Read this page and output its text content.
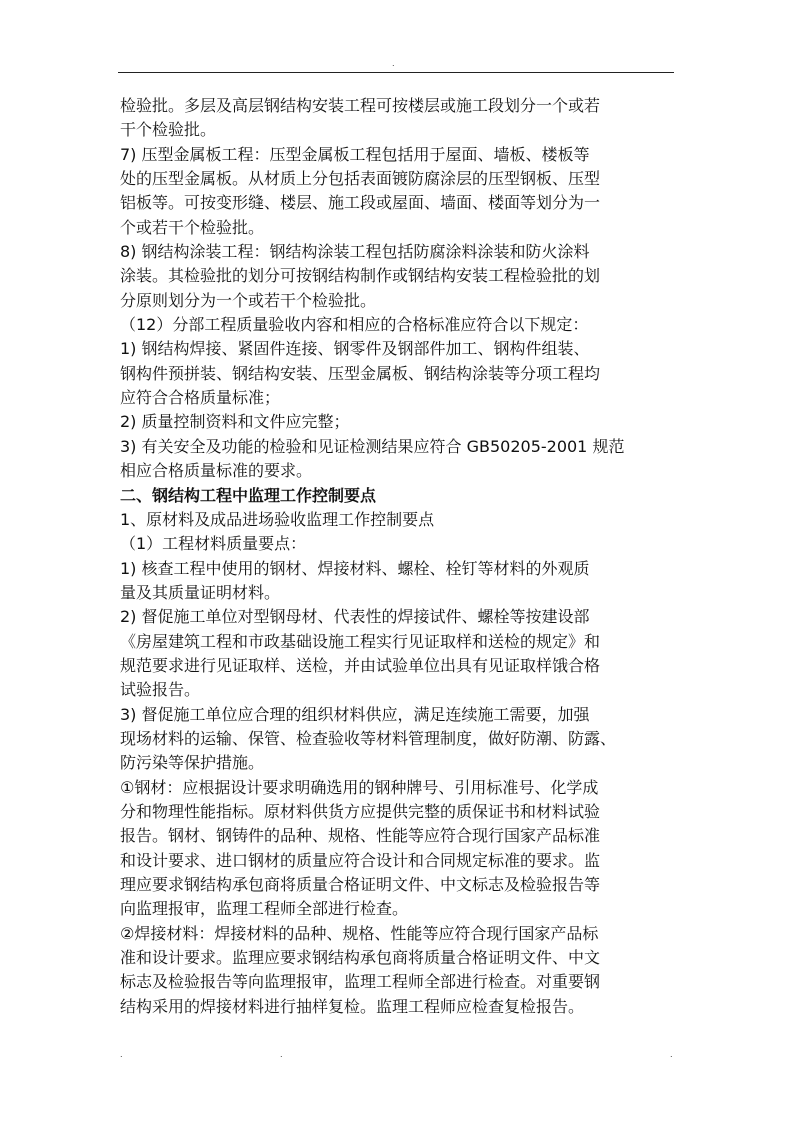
.
检验批。多层及高层钢结构安装工程可按楼层或施工段划分一个或若
干个检验批。
7) 压型金属板工程：压型金属板工程包括用于屋面、墙板、楼板等
处的压型金属板。从材质上分包括表面镀防腐涂层的压型钢板、压型
铝板等。可按变形缝、楼层、施工段或屋面、墙面、楼面等划分为一
个或若干个检验批。
8) 钢结构涂装工程：钢结构涂装工程包括防腐涂料涂装和防火涂料
涂装。其检验批的划分可按钢结构制作或钢结构安装工程检验批的划
分原则划分为一个或若干个检验批。
（12）分部工程质量验收内容和相应的合格标准应符合以下规定：
1) 钢结构焊接、紧固件连接、钢零件及钢部件加工、钢构件组装、
钢构件预拼装、钢结构安装、压型金属板、钢结构涂装等分项工程均
应符合合格质量标准；
2) 质量控制资料和文件应完整；
3) 有关安全及功能的检验和见证检测结果应符合 GB50205-2001 规范
相应合格质量标准的要求。
二、钢结构工程中监理工作控制要点
1、原材料及成品进场验收监理工作控制要点
（1）工程材料质量要点：
1) 核查工程中使用的钢材、焊接材料、螺栓、栓钉等材料的外观质
量及其质量证明材料。
2) 督促施工单位对型钢母材、代表性的焊接试件、螺栓等按建设部
《房屋建筑工程和市政基础设施工程实行见证取样和送检的规定》和
规范要求进行见证取样、送检，并由试验单位出具有见证取样饿合格
试验报告。
3) 督促施工单位应合理的组织材料供应，满足连续施工需要，加强
现场材料的运输、保管、检查验收等材料管理制度，做好防潮、防露、
防污染等保护措施。
①钢材：应根据设计要求明确选用的钢种牌号、引用标准号、化学成
分和物理性能指标。原材料供货方应提供完整的质保证书和材料试验
报告。钢材、钢铸件的品种、规格、性能等应符合现行国家产品标准
和设计要求、进口钢材的质量应符合设计和合同规定标准的要求。监
理应要求钢结构承包商将质量合格证明文件、中文标志及检验报告等
向监理报审，监理工程师全部进行检查。
②焊接材料：焊接材料的品种、规格、性能等应符合现行国家产品标
准和设计要求。监理应要求钢结构承包商将质量合格证明文件、中文
标志及检验报告等向监理报审，监理工程师全部进行检查。对重要钢
结构采用的焊接材料进行抽样复检。监理工程师应检查复检报告。
.	.	.
